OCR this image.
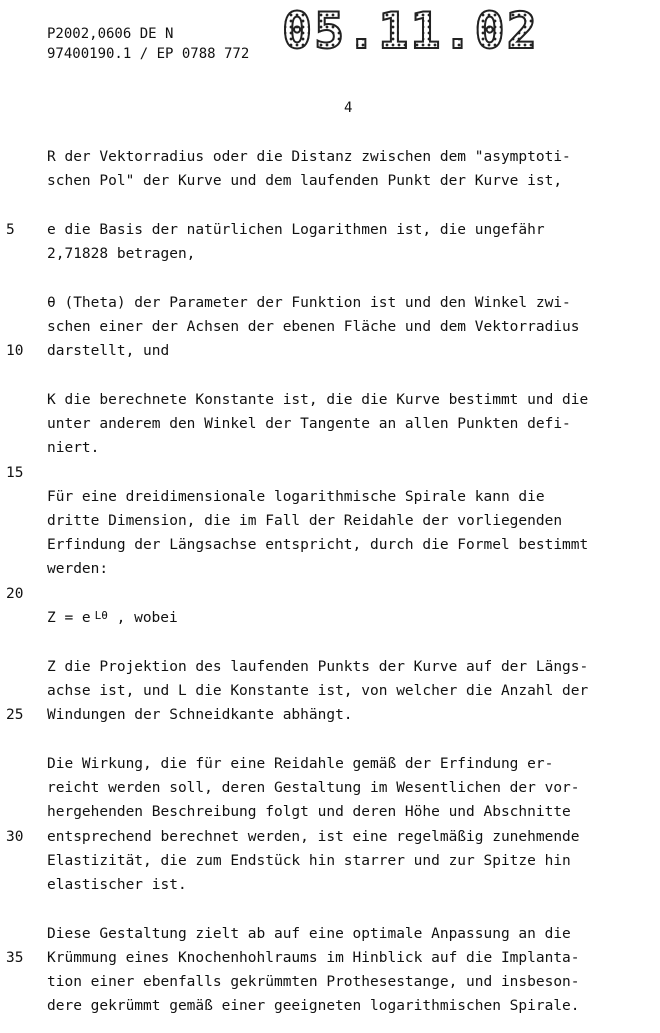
P2002,0606 DE N
97400190.1 / EP 0788 772 05.11.02
4
R der Vektorradius oder die Distanz zwischen dem "asymptoti-
schen Pol" der Kurve und dem laufenden Punkt der Kurve ist,
5 e die Basis der natürlichen Logarithmen ist, die ungefähr
2,71828 betragen,
θ (Theta) der Parameter der Funktion ist und den Winkel zwi-
schen einer der Achsen der ebenen Fläche und dem Vektorradius
10 darstellt, und
K die berechnete Konstante ist, die die Kurve bestimmt und die
unter anderem den Winkel der Tangente an allen Punkten defi-
niert.
15
Für eine dreidimensionale logarithmische Spirale kann die
dritte Dimension, die im Fall der Reidahle der vorliegenden
Erfindung der Längsachse entspricht, durch die Formel bestimmt
werden:
20
Z = e $^{L\theta}$ , wobei
Z die Projektion des laufenden Punkts der Kurve auf der Längs-
achse ist, und L die Konstante ist, von welcher die Anzahl der
25 Windungen der Schneidkante abhängt.
Die Wirkung, die für eine Reidahle gemäß der Erfindung er-
reicht werden soll, deren Gestaltung im Wesentlichen der vor-
hergehenden Beschreibung folgt und deren Höhe und Abschnitte
30 entsprechend berechnet werden, ist eine regelmäßig zunehmende
Elastizität, die zum Endstück hin starrer und zur Spitze hin
elastischer ist.
Diese Gestaltung zielt ab auf eine optimale Anpassung an die
35 Krümmung eines Knochenhohlraums im Hinblick auf die Implanta-
tion einer ebenfalls gekrümmten Prothesestange, und insbeson-
dere gekrümmt gemäß einer geeigneten logarithmischen Spirale.
